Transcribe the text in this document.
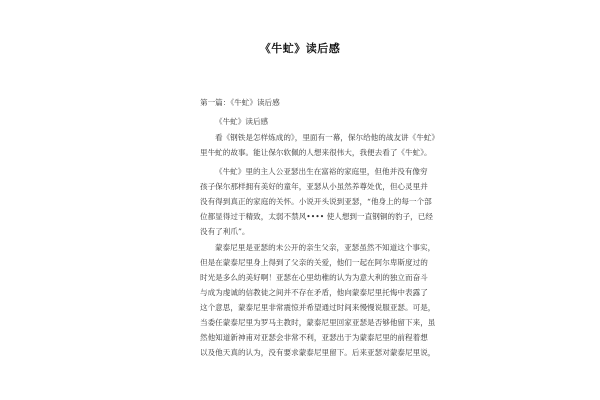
《牛虻》读后感
第一篇：《牛虻》读后感
《牛虻》读后感
看《钢铁是怎样炼成的》，里面有一幕，保尔给他的战友讲《牛虻》
里牛虻的故事。能让保尔软佩的人想来很伟大，我便去看了《牛虻》。
《牛虻》里的主人公亚瑟出生在富裕的家庭里，但他并没有像穷
孩子保尔那样拥有美好的童年，亚瑟从小虽然养尊处优，但心灵里并
没有得到真正的家庭的关怀。小说开头说到亚瑟，“他身上的每一个部
位都显得过于精致，太弱不禁风•••• 使人想到一直钢铜的豹子，已经
没有了利爪”。
蒙泰尼里是亚瑟的未公开的亲生父亲，亚瑟虽然不知道这个事实，
但是在蒙泰尼里身上得到了父亲的关爱，他们一起在阿尔卑斯度过的
时光是多么的美好啊！亚瑟在心里幼稚的认为为意大利的独立而奋斗
与成为虔诚的信教徒之间并不存在矛盾，他向蒙泰尼里托悔中表露了
这个意思，蒙泰尼里非常震惊并希望通过时间来慢慢说服亚瑟。可是，
当委任蒙泰尼里为罗马主教时，蒙泰尼里回家亚瑟是否够他留下来，虽
然他知道新神甫对亚瑟会非常不利，亚瑟出于为蒙泰尼里的前程着想
以及他天真的认为，没有要求蒙泰尼里留下。后来亚瑟对蒙泰尼里说，
